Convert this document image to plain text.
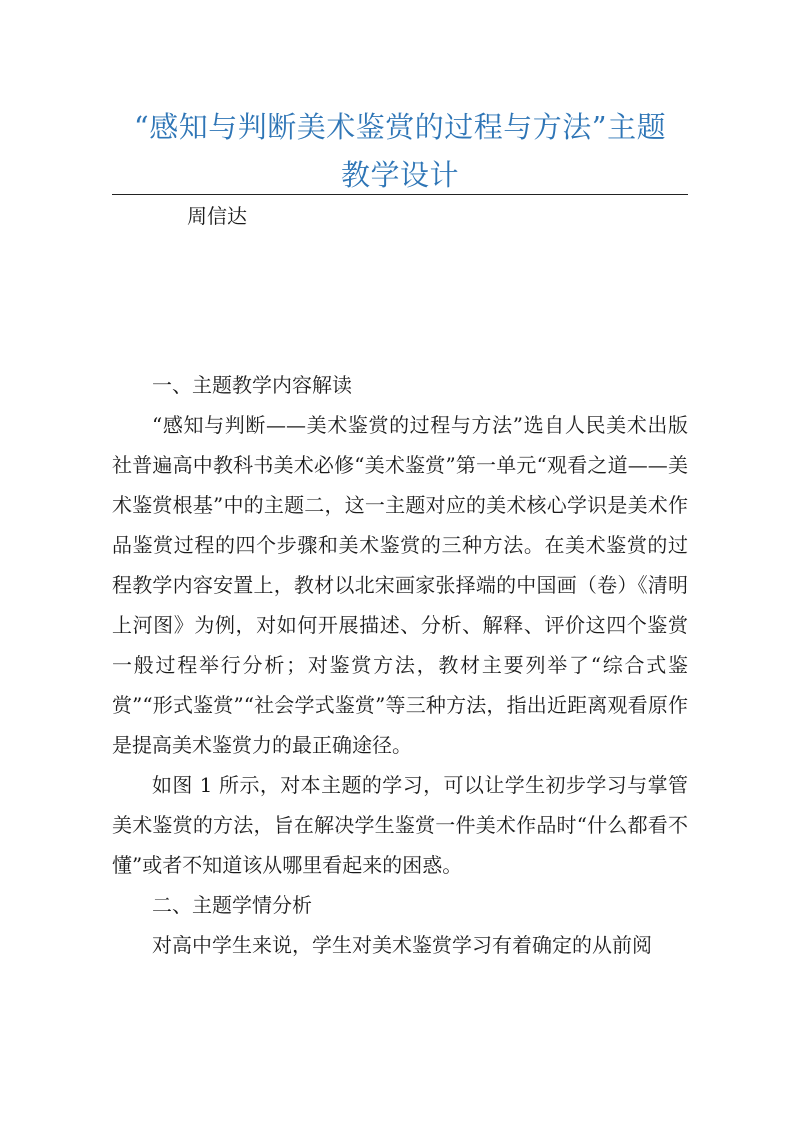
“感知与判断美术鉴赏的过程与方法”主题
教学设计
周信达

一、主题教学内容解读

“感知与判断——美术鉴赏的过程与方法”选自人民美术出版社普遍高中教科书美术必修“美术鉴赏”第一单元“观看之道——美术鉴赏根基”中的主题二，这一主题对应的美术核心学识是美术作品鉴赏过程的四个步骤和美术鉴赏的三种方法。在美术鉴赏的过程教学内容安置上，教材以北宋画家张择端的中国画（卷）《清明上河图》为例，对如何开展描述、分析、解释、评价这四个鉴赏一般过程举行分析；对鉴赏方法，教材主要列举了“综合式鉴赏”“形式鉴赏”“社会学式鉴赏”等三种方法，指出近距离观看原作是提高美术鉴赏力的最正确途径。

如图 1 所示，对本主题的学习，可以让学生初步学习与掌管美术鉴赏的方法，旨在解决学生鉴赏一件美术作品时“什么都看不懂”或者不知道该从哪里看起来的困惑。

二、主题学情分析

对高中学生来说，学生对美术鉴赏学习有着确定的从前阅
